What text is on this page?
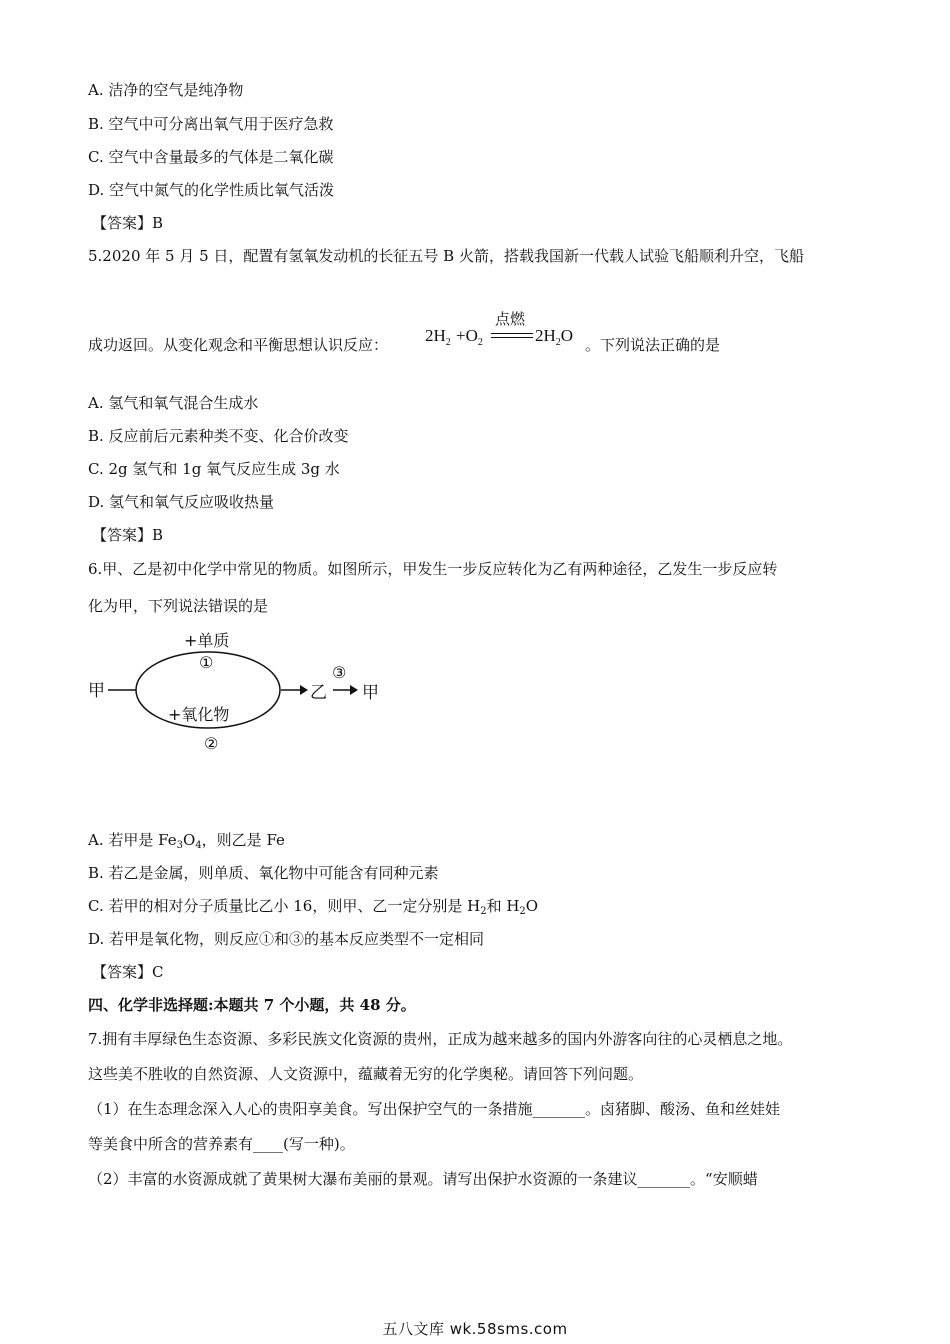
A. 洁净的空气是纯净物
B. 空气中可分离出氧气用于医疗急救
C. 空气中含量最多的气体是二氧化碳
D. 空气中氮气的化学性质比氧气活泼
【答案】B
5.2020 年 5 月 5 日，配置有氢氧发动机的长征五号 B 火箭，搭载我国新一代载人试验飞船顺利升空，飞船
成功返回。从变化观念和平衡思想认识反应： $2H_2 +O_2$
点燃
$2H_2O$ 。下列说法正确的是
A. 氢气和氧气混合生成水
B. 反应前后元素种类不变、化合价改变
C. 2g 氢气和 1g 氧气反应生成 3g 水
D. 氢气和氧气反应吸收热量
【答案】B
6.甲、乙是初中化学中常见的物质。如图所示，甲发生一步反应转化为乙有两种途径，乙发生一步反应转
化为甲，下列说法错误的是
甲
+单质
①
+氧化物
②
乙
③
甲
A. 若甲是 $Fe_3O_4$，则乙是 Fe
B. 若乙是金属，则单质、氧化物中可能含有同种元素
C. 若甲的相对分子质量比乙小 16，则甲、乙一定分别是 $H_2$和 $H_2O$
D. 若甲是氧化物，则反应①和③的基本反应类型不一定相同
【答案】C
四、化学非选择题:本题共 7 个小题，共 48 分。
7.拥有丰厚绿色生态资源、多彩民族文化资源的贵州，正成为越来越多的国内外游客向往的心灵栖息之地。
这些美不胜收的自然资源、人文资源中，蕴藏着无穷的化学奥秘。请回答下列问题。
（1）在生态理念深入人心的贵阳享美食。写出保护空气的一条措施_______。卤猪脚、酸汤、鱼和丝娃娃
等美食中所含的营养素有____(写一种)。
（2）丰富的水资源成就了黄果树大瀑布美丽的景观。请写出保护水资源的一条建议_______。“安顺蜡
五八文库 wk.58sms.com
